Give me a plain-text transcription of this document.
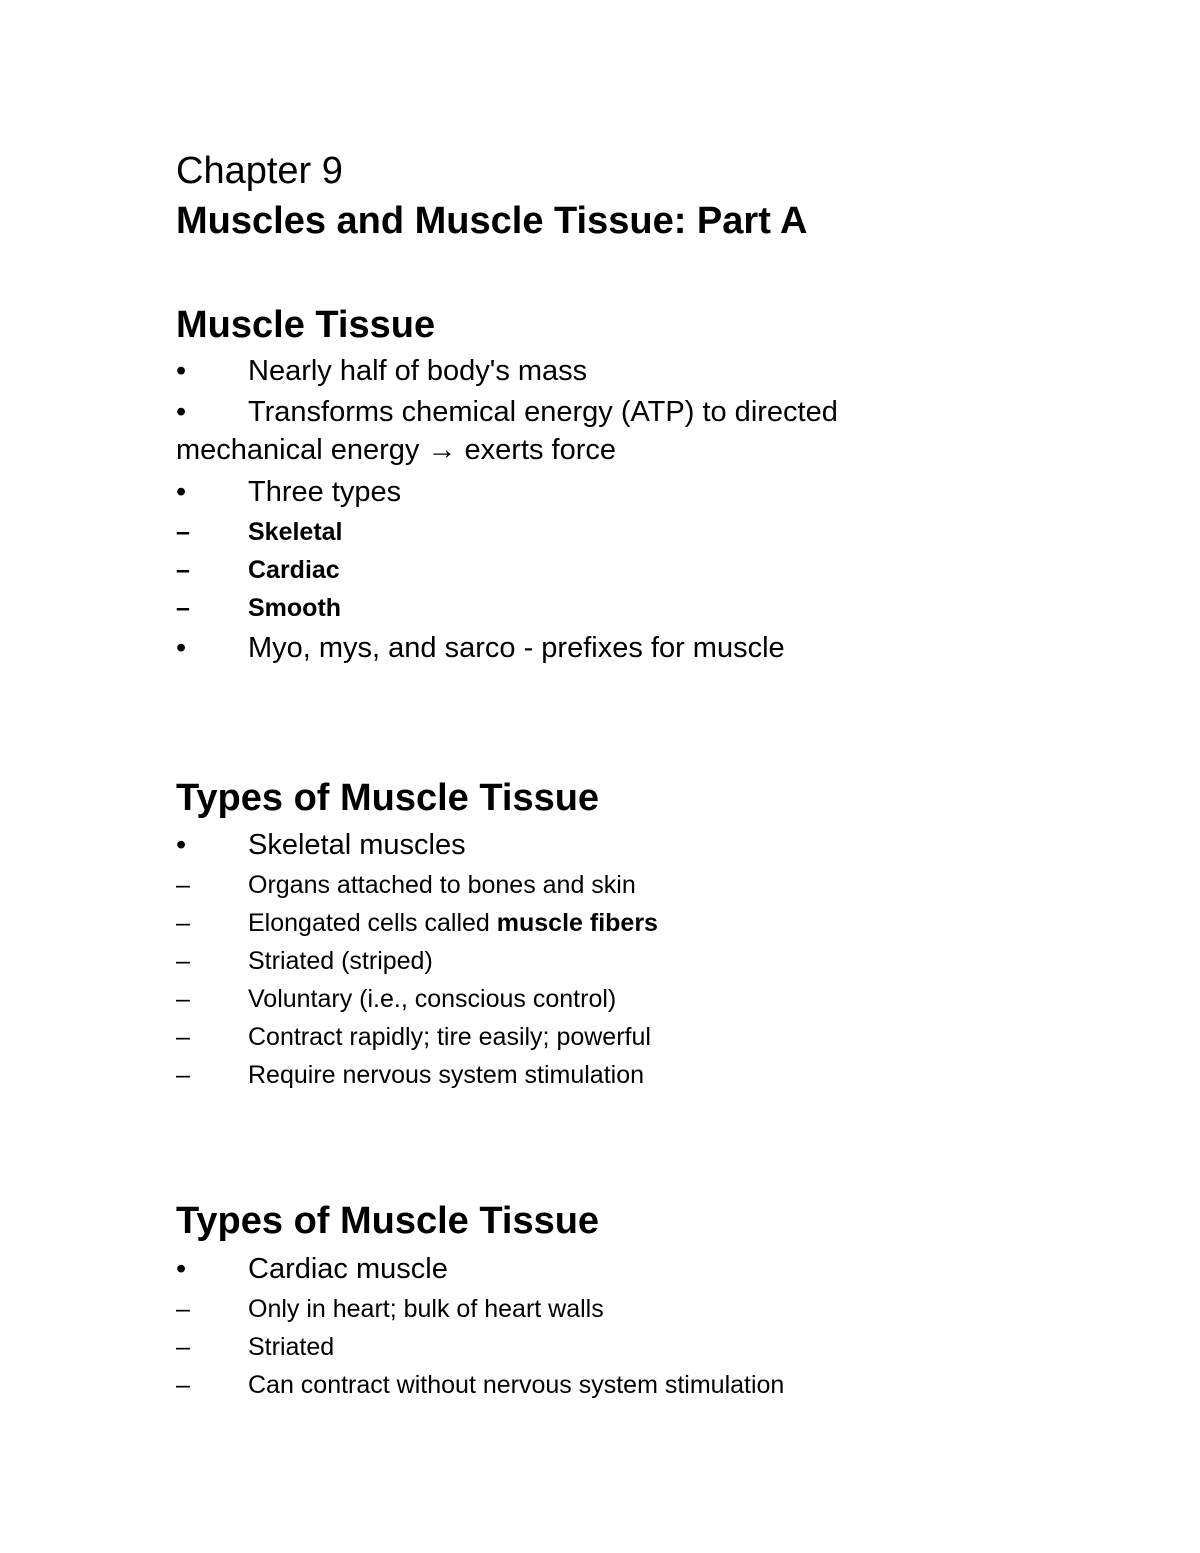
Chapter 9
Muscles and Muscle Tissue: Part A
Muscle Tissue
• Nearly half of body's mass
• Transforms chemical energy (ATP) to directed
mechanical energy → exerts force
• Three types
– Skeletal
– Cardiac
– Smooth
• Myo, mys, and sarco - prefixes for muscle
Types of Muscle Tissue
• Skeletal muscles
– Organs attached to bones and skin
– Elongated cells called muscle fibers
– Striated (striped)
– Voluntary (i.e., conscious control)
– Contract rapidly; tire easily; powerful
– Require nervous system stimulation
Types of Muscle Tissue
• Cardiac muscle
– Only in heart; bulk of heart walls
– Striated
– Can contract without nervous system stimulation
